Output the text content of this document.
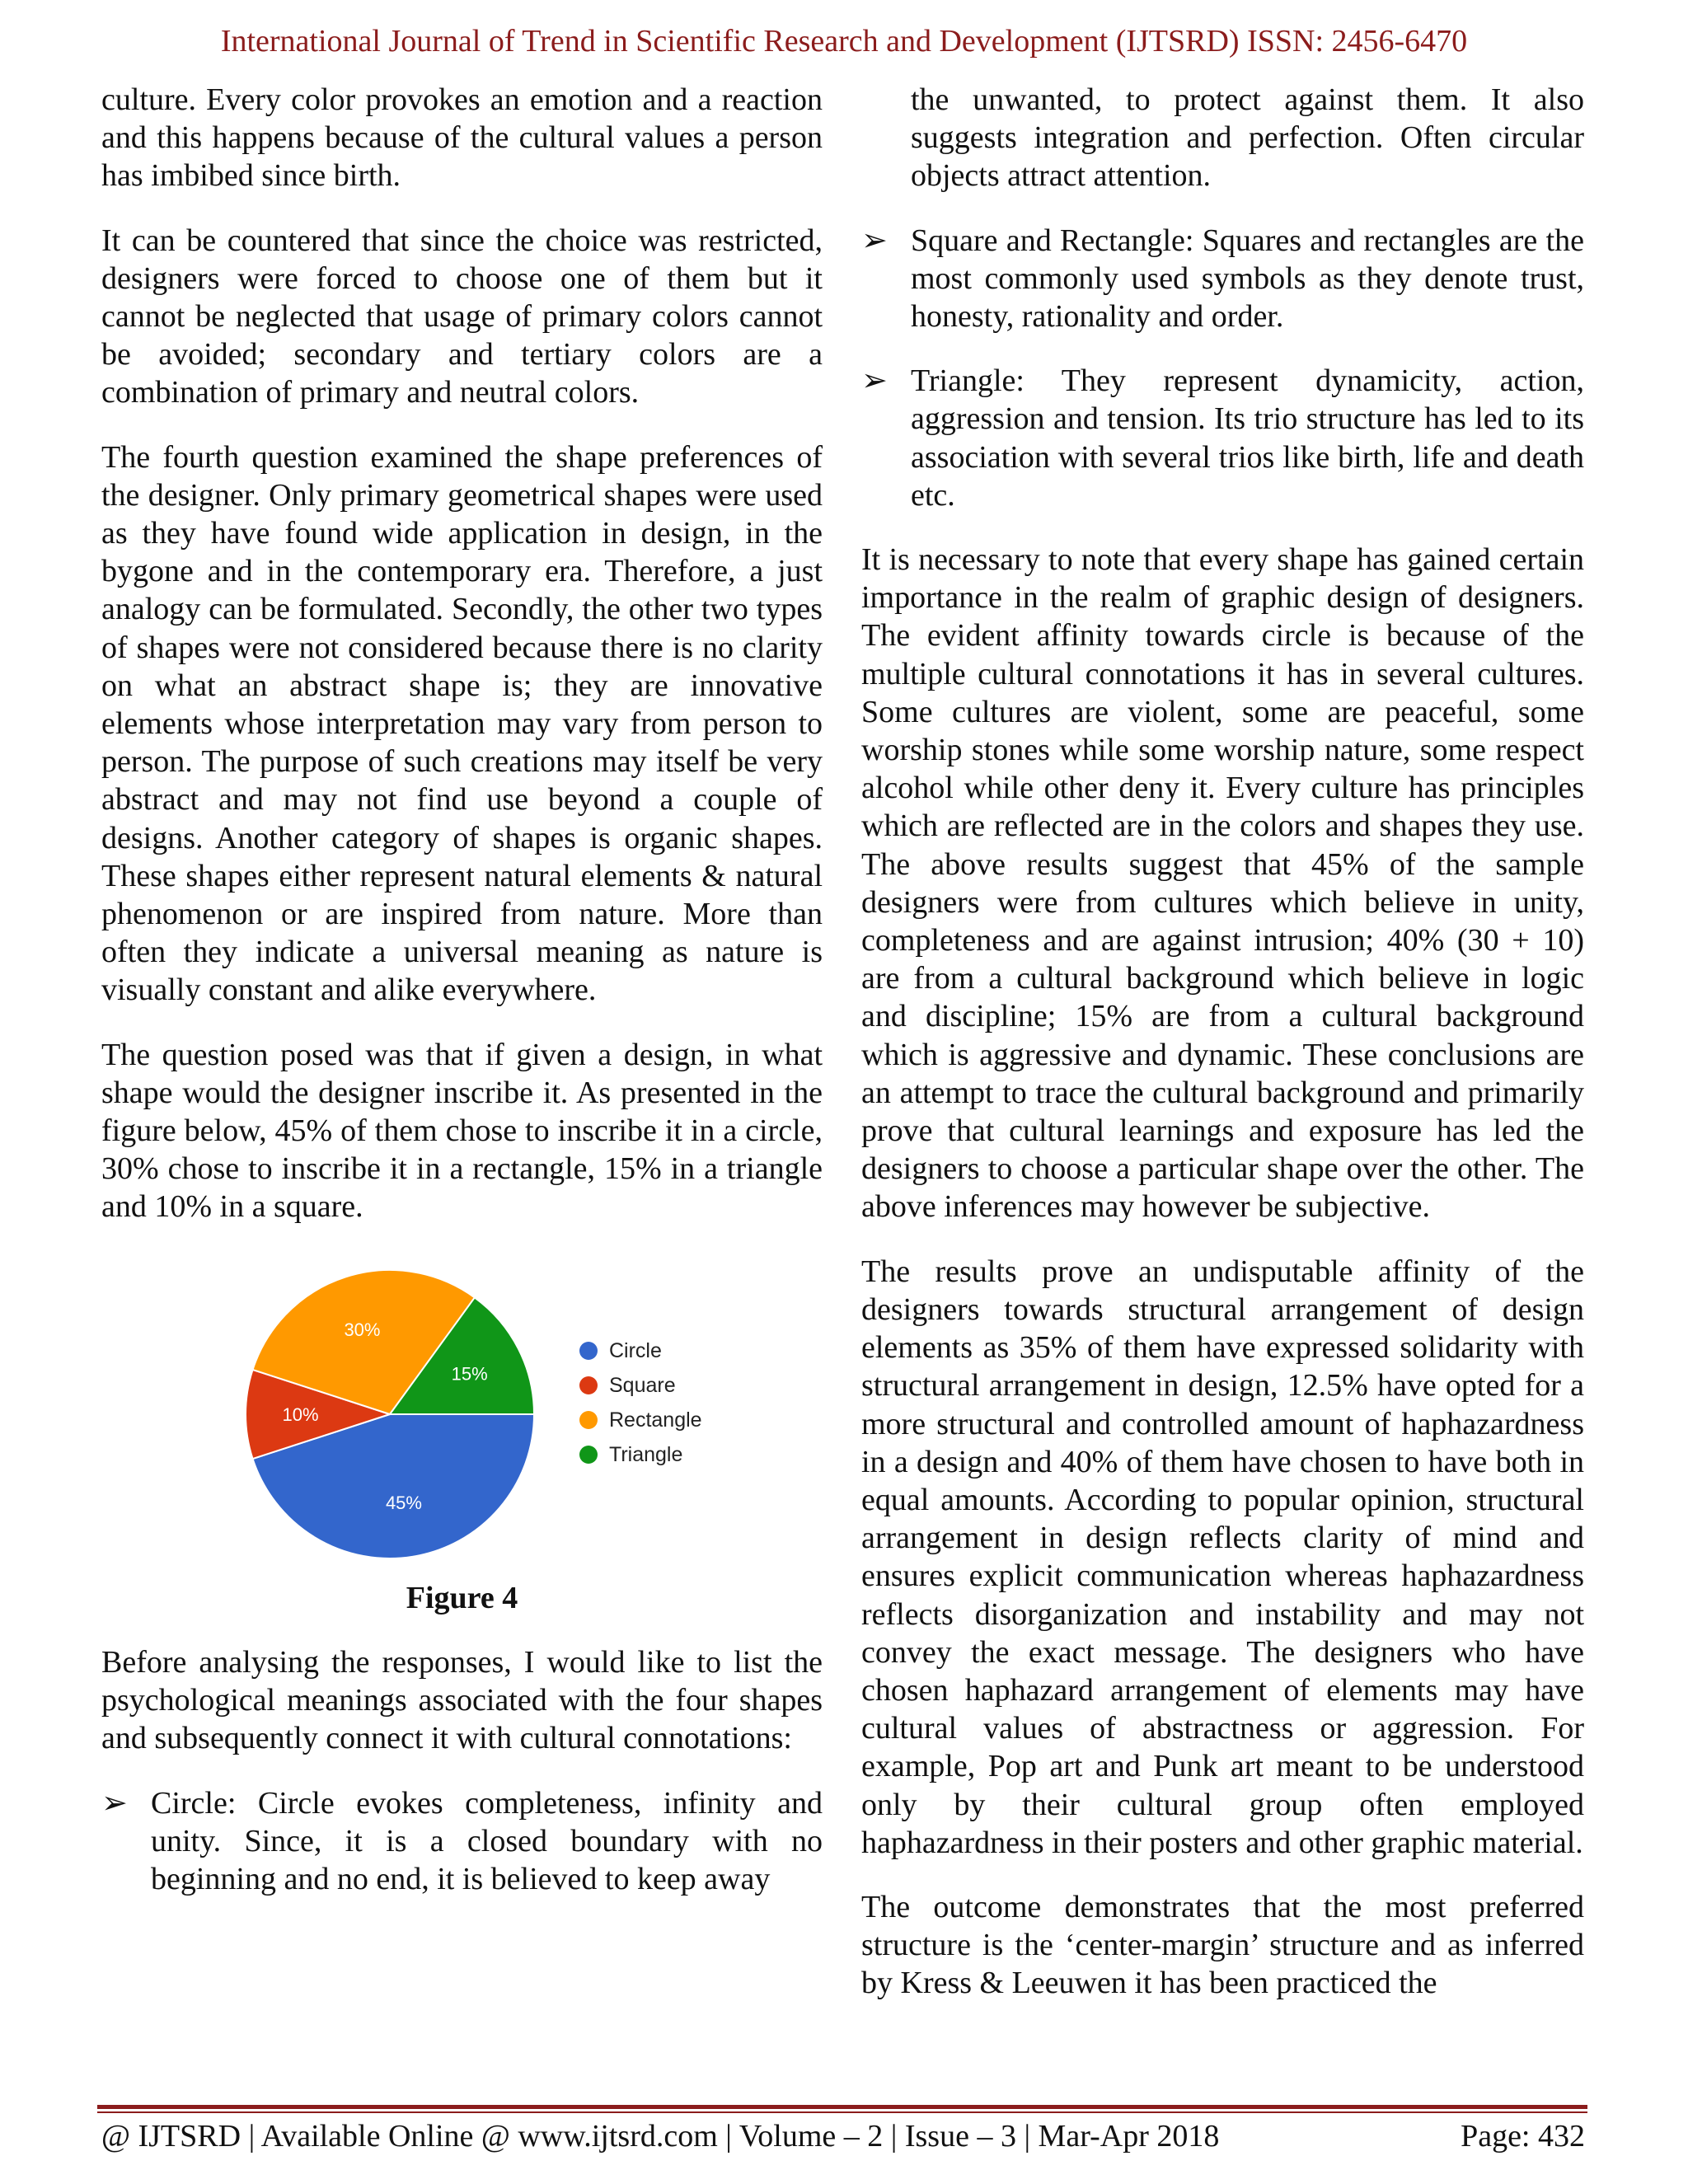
International Journal of Trend in Scientific Research and Development (IJTSRD) ISSN: 2456-6470

culture. Every color provokes an emotion and a reaction and this happens because of the cultural values a person has imbibed since birth.

It can be countered that since the choice was restricted, designers were forced to choose one of them but it cannot be neglected that usage of primary colors cannot be avoided; secondary and tertiary colors are a combination of primary and neutral colors.

The fourth question examined the shape preferences of the designer. Only primary geometrical shapes were used as they have found wide application in design, in the bygone and in the contemporary era. Therefore, a just analogy can be formulated. Secondly, the other two types of shapes were not considered because there is no clarity on what an abstract shape is; they are innovative elements whose interpretation may vary from person to person. The purpose of such creations may itself be very abstract and may not find use beyond a couple of designs. Another category of shapes is organic shapes. These shapes either represent natural elements & natural phenomenon or are inspired from nature. More than often they indicate a universal meaning as nature is visually constant and alike everywhere.

The question posed was that if given a design, in what shape would the designer inscribe it. As presented in the figure below, 45% of them chose to inscribe it in a circle, 30% chose to inscribe it in a rectangle, 15% in a triangle and 10% in a square.

45%
10%
30%
15%
Circle
Square
Rectangle
Triangle
Figure 4

Before analysing the responses, I would like to list the psychological meanings associated with the four shapes and subsequently connect it with cultural connotations:

➢ Circle: Circle evokes completeness, infinity and unity. Since, it is a closed boundary with no beginning and no end, it is believed to keep away

the unwanted, to protect against them. It also suggests integration and perfection. Often circular objects attract attention.

➢ Square and Rectangle: Squares and rectangles are the most commonly used symbols as they denote trust, honesty, rationality and order.
➢ Triangle: They represent dynamicity, action, aggression and tension. Its trio structure has led to its association with several trios like birth, life and death etc.

It is necessary to note that every shape has gained certain importance in the realm of graphic design of designers. The evident affinity towards circle is because of the multiple cultural connotations it has in several cultures. Some cultures are violent, some are peaceful, some worship stones while some worship nature, some respect alcohol while other deny it. Every culture has principles which are reflected are in the colors and shapes they use. The above results suggest that 45% of the sample designers were from cultures which believe in unity, completeness and are against intrusion; 40% (30 + 10) are from a cultural background which believe in logic and discipline; 15% are from a cultural background which is aggressive and dynamic. These conclusions are an attempt to trace the cultural background and primarily prove that cultural learnings and exposure has led the designers to choose a particular shape over the other. The above inferences may however be subjective.

The results prove an undisputable affinity of the designers towards structural arrangement of design elements as 35% of them have expressed solidarity with structural arrangement in design, 12.5% have opted for a more structural and controlled amount of haphazardness in a design and 40% of them have chosen to have both in equal amounts. According to popular opinion, structural arrangement in design reflects clarity of mind and ensures explicit communication whereas haphazardness reflects disorganization and instability and may not convey the exact message. The designers who have chosen haphazard arrangement of elements may have cultural values of abstractness or aggression. For example, Pop art and Punk art meant to be understood only by their cultural group often employed haphazardness in their posters and other graphic material.

The outcome demonstrates that the most preferred structure is the ‘center-margin’ structure and as inferred by Kress & Leeuwen it has been practiced the

@ IJTSRD | Available Online @ www.ijtsrd.com | Volume – 2 | Issue – 3 | Mar-Apr 2018	Page: 432
